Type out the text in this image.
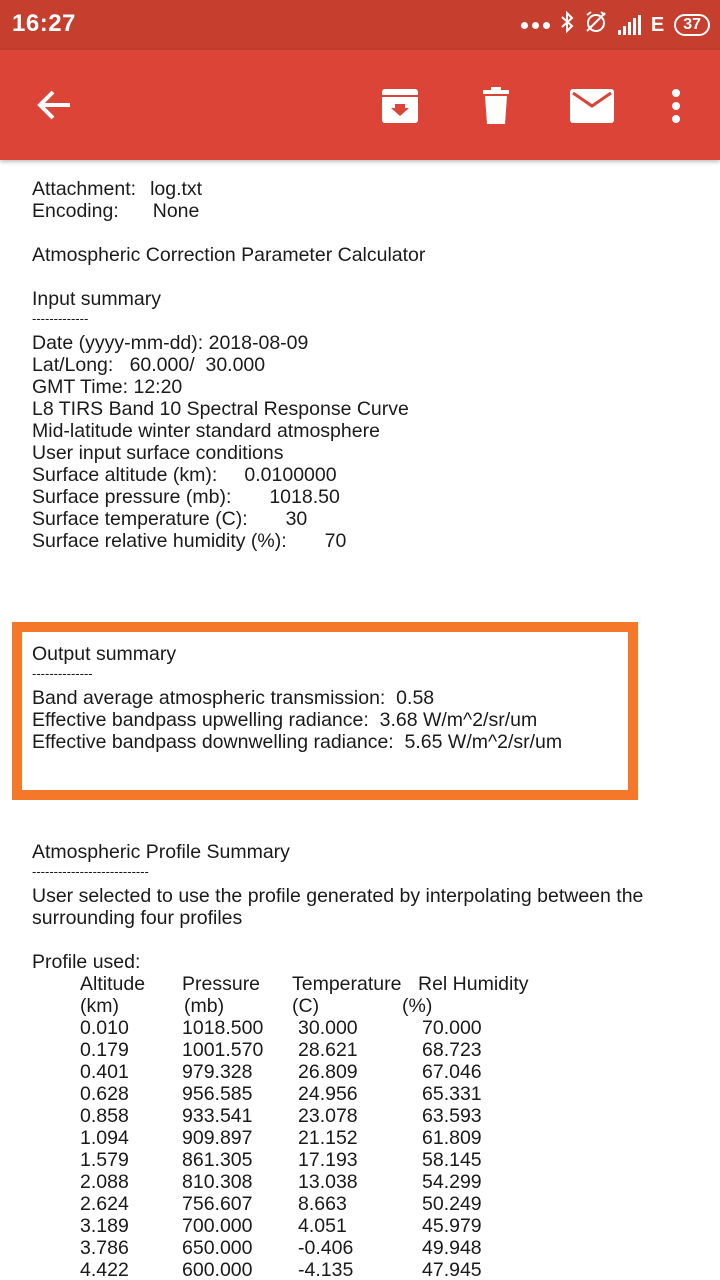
16:27	E	37
Attachment: log.txt
Encoding: None
Atmospheric Correction Parameter Calculator
Input summary
-------------
Date (yyyy-mm-dd): 2018-08-09
Lat/Long:   60.000/  30.000
GMT Time: 12:20
L8 TIRS Band 10 Spectral Response Curve
Mid-latitude winter standard atmosphere
User input surface conditions
Surface altitude (km):     0.0100000
Surface pressure (mb):       1018.50
Surface temperature (C):       30
Surface relative humidity (%):       70
Output summary
--------------
Band average atmospheric transmission:  0.58
Effective bandpass upwelling radiance:  3.68 W/m^2/sr/um
Effective bandpass downwelling radiance:  5.65 W/m^2/sr/um
Atmospheric Profile Summary
---------------------------
User selected to use the profile generated by interpolating between the surrounding four profiles
Profile used:
Altitude	Pressure	Temperature	Rel Humidity
(km)	(mb)	(C)	(%)
0.010	1018.500	30.000	70.000
0.179	1001.570	28.621	68.723
0.401	979.328	26.809	67.046
0.628	956.585	24.956	65.331
0.858	933.541	23.078	63.593
1.094	909.897	21.152	61.809
1.579	861.305	17.193	58.145
2.088	810.308	13.038	54.299
2.624	756.607	8.663	50.249
3.189	700.000	4.051	45.979
3.786	650.000	-0.406	49.948
4.422	600.000	-4.135	47.945
